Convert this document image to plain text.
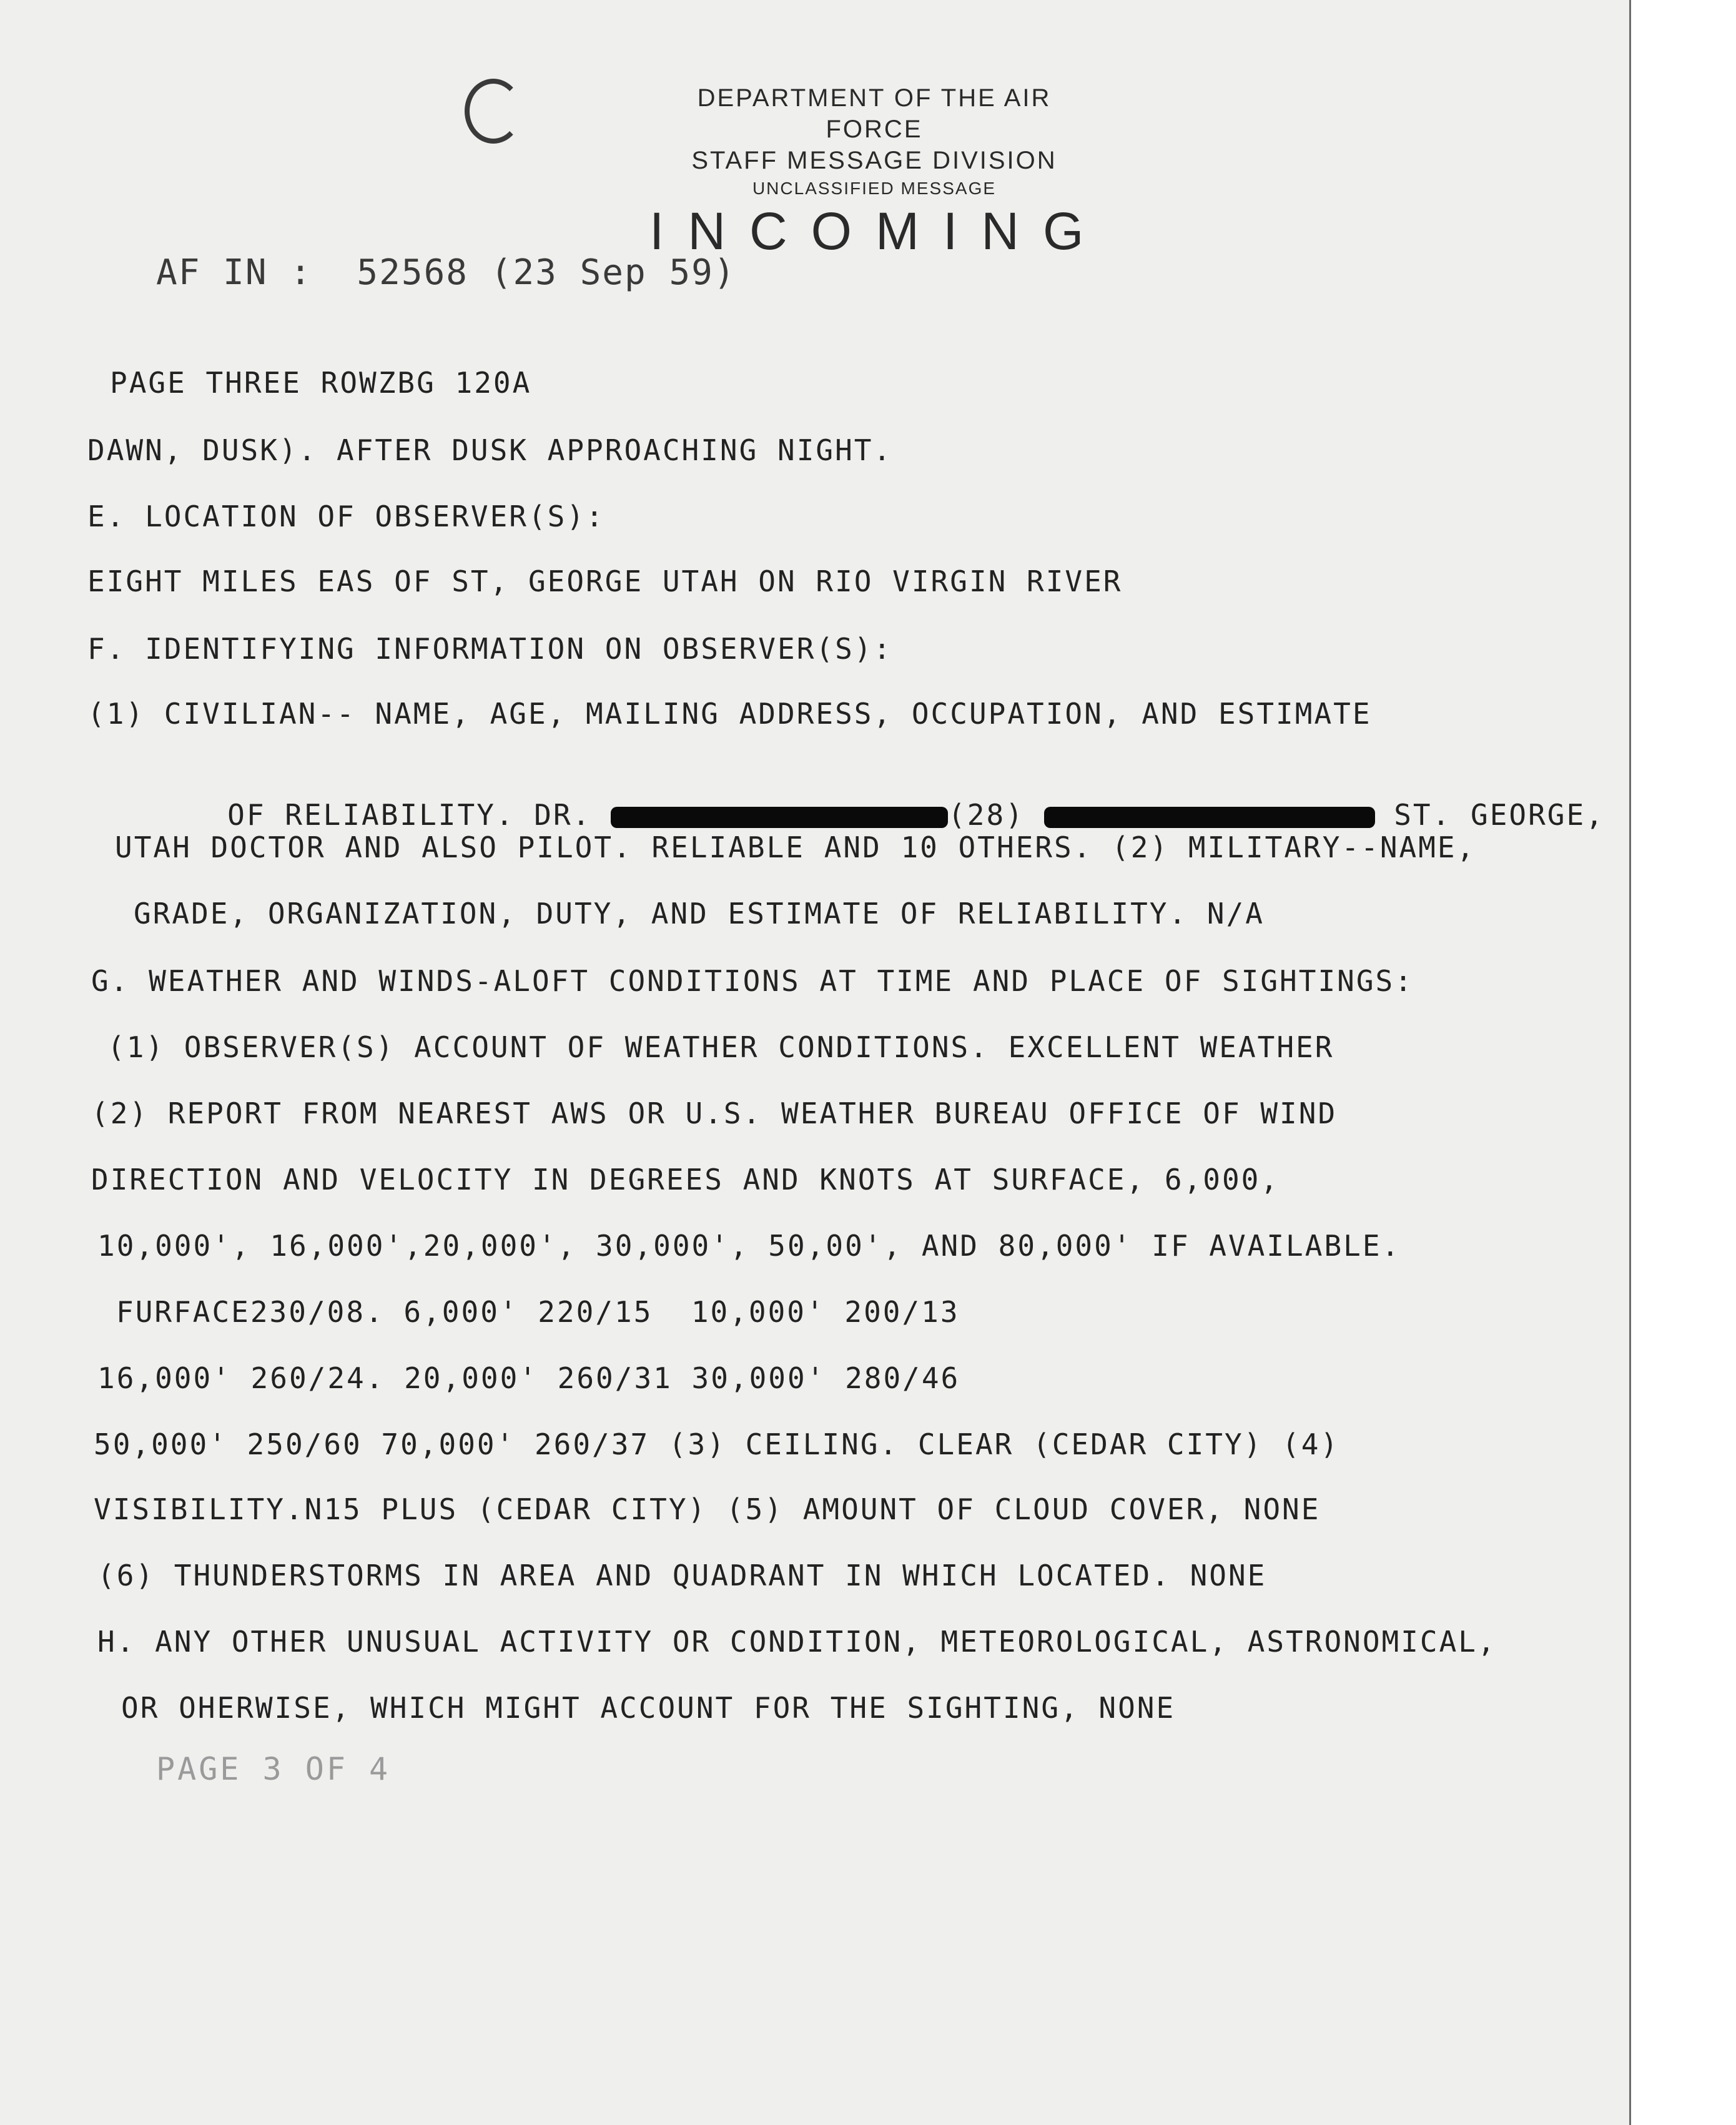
DEPARTMENT OF THE AIR FORCE
STAFF MESSAGE DIVISION
UNCLASSIFIED MESSAGE
INCOMING
AF IN :  52568 (23 Sep 59)
PAGE THREE ROWZBG 120A
DAWN, DUSK). AFTER DUSK APPROACHING NIGHT.
E. LOCATION OF OBSERVER(S):
EIGHT MILES EAS OF ST, GEORGE UTAH ON RIO VIRGIN RIVER
F. IDENTIFYING INFORMATION ON OBSERVER(S):
(1) CIVILIAN-- NAME, AGE, MAILING ADDRESS, OCCUPATION, AND ESTIMATE

OF RELIABILITY. DR.	(28)	ST. GEORGE,

UTAH DOCTOR AND ALSO PILOT. RELIABLE AND 10 OTHERS. (2) MILITARY--NAME,
GRADE, ORGANIZATION, DUTY, AND ESTIMATE OF RELIABILITY. N/A
G. WEATHER AND WINDS-ALOFT CONDITIONS AT TIME AND PLACE OF SIGHTINGS:
(1) OBSERVER(S) ACCOUNT OF WEATHER CONDITIONS. EXCELLENT WEATHER
(2) REPORT FROM NEAREST AWS OR U.S. WEATHER BUREAU OFFICE OF WIND
DIRECTION AND VELOCITY IN DEGREES AND KNOTS AT SURFACE, 6,000,
10,000', 16,000',20,000', 30,000', 50,00', AND 80,000' IF AVAILABLE.
FURFACE230/08. 6,000' 220/15  10,000' 200/13
16,000' 260/24. 20,000' 260/31 30,000' 280/46
50,000' 250/60 70,000' 260/37 (3) CEILING. CLEAR (CEDAR CITY) (4)
VISIBILITY.N15 PLUS (CEDAR CITY) (5) AMOUNT OF CLOUD COVER, NONE
(6) THUNDERSTORMS IN AREA AND QUADRANT IN WHICH LOCATED. NONE
H. ANY OTHER UNUSUAL ACTIVITY OR CONDITION, METEOROLOGICAL, ASTRONOMICAL,
OR OHERWISE, WHICH MIGHT ACCOUNT FOR THE SIGHTING, NONE
PAGE 3 OF 4
